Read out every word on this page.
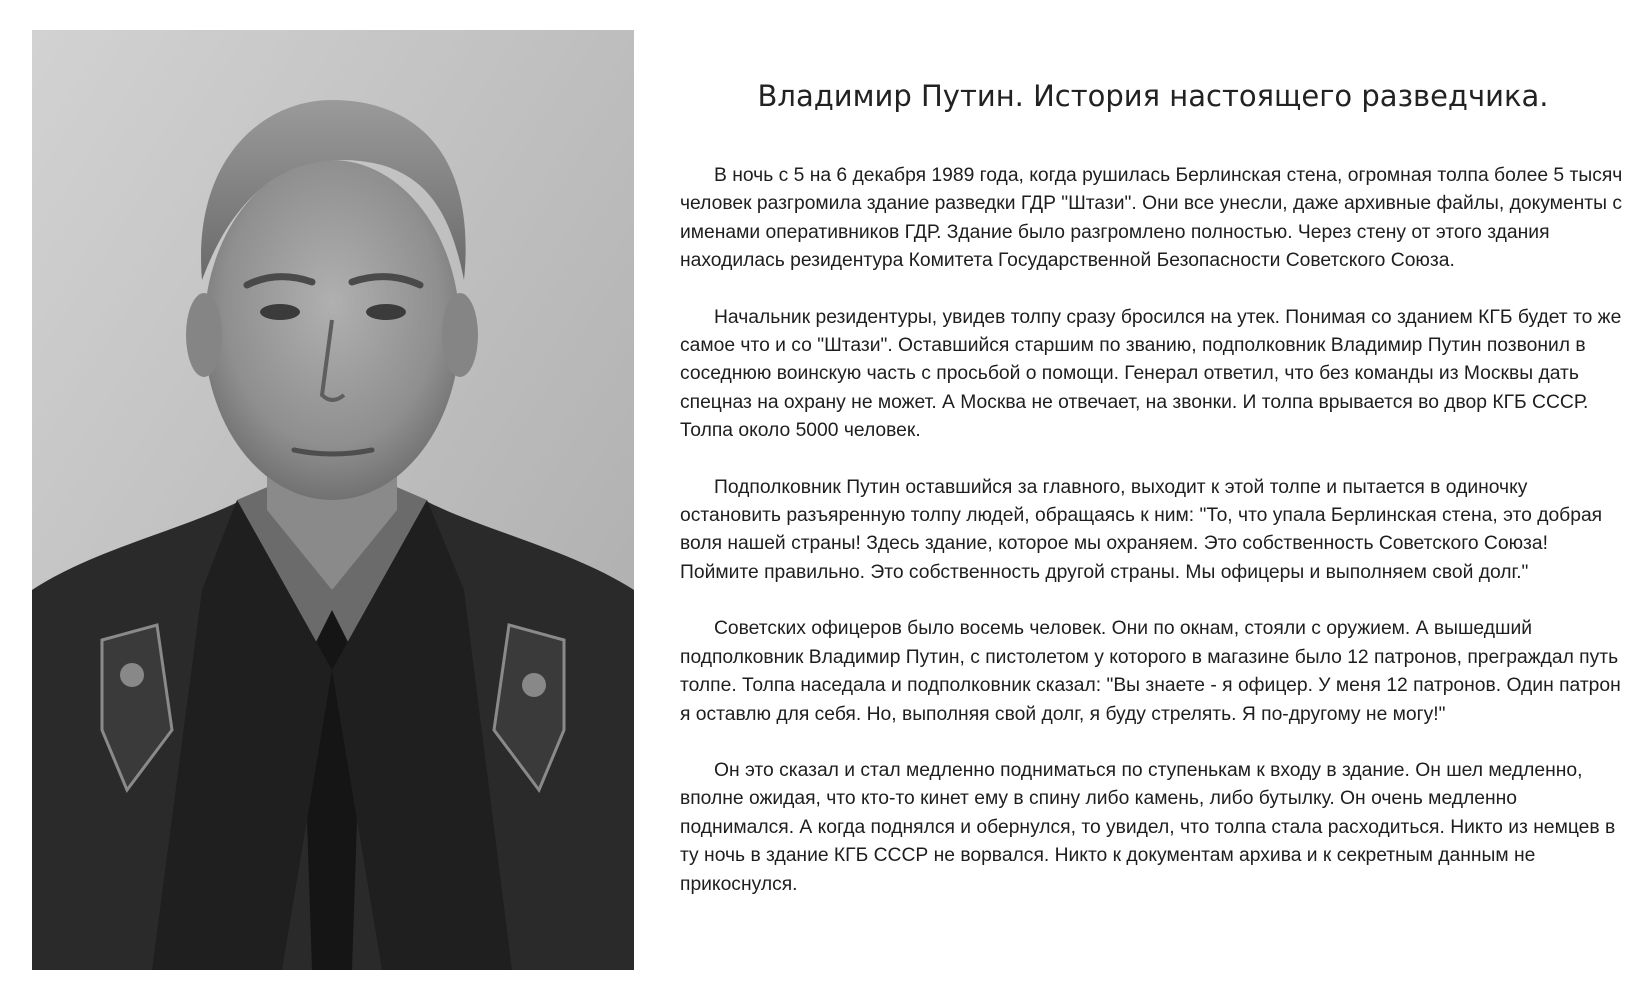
Владимир Путин. История настоящего разведчика.

В ночь с 5 на 6 декабря 1989 года, когда рушилась Берлинская стена, огромная толпа более 5 тысяч человек разгромила здание разведки ГДР "Штази". Они все унесли, даже архивные файлы, документы с именами оперативников ГДР. Здание было разгромлено полностью. Через стену от этого здания находилась резидентура Комитета Государственной Безопасности Советского Союза.

Начальник резидентуры, увидев толпу сразу бросился на утек. Понимая со зданием КГБ будет то же самое что и со "Штази". Оставшийся старшим по званию, подполковник Владимир Путин позвонил в соседнюю воинскую часть с просьбой о помощи. Генерал ответил, что без команды из Москвы дать спецназ на охрану не может. А Москва не отвечает, на звонки. И толпа врывается во двор КГБ СССР. Толпа около 5000 человек.

Подполковник Путин оставшийся за главного, выходит к этой толпе и пытается в одиночку остановить разъяренную толпу людей, обращаясь к ним: "То, что упала Берлинская стена, это добрая воля нашей страны! Здесь здание, которое мы охраняем. Это собственность Советского Союза! Поймите правильно. Это собственность другой страны. Мы офицеры и выполняем свой долг."

Советских офицеров было восемь человек. Они по окнам, стояли с оружием. А вышедший подполковник Владимир Путин, с пистолетом у которого в магазине было 12 патронов, преграждал путь толпе. Толпа наседала и подполковник сказал: "Вы знаете - я офицер. У меня 12 патронов. Один патрон я оставлю для себя. Но, выполняя свой долг, я буду стрелять. Я по-другому не могу!"

Он это сказал и стал медленно подниматься по ступенькам к входу в здание. Он шел медленно, вполне ожидая, что кто-то кинет ему в спину либо камень, либо бутылку. Он очень медленно поднимался. А когда поднялся и обернулся, то увидел, что толпа стала расходиться. Никто из немцев в ту ночь в здание КГБ СССР не ворвался. Никто к документам архива и к секретным данным не прикоснулся.
